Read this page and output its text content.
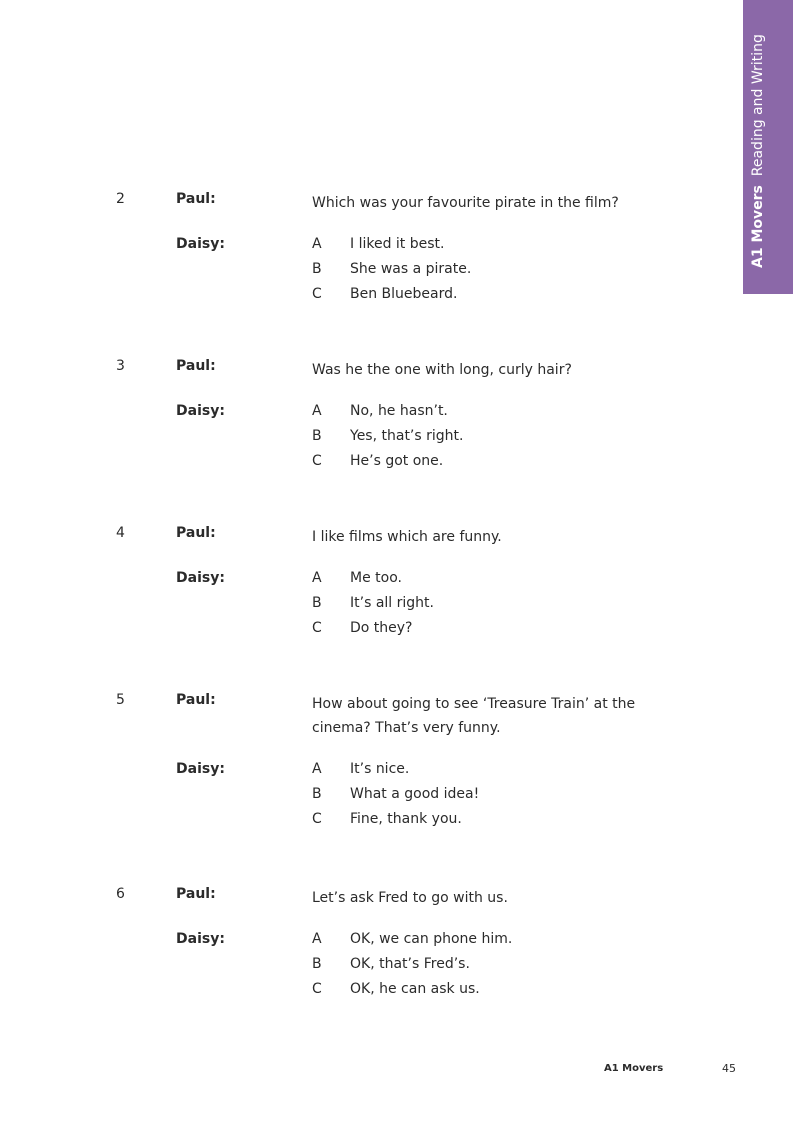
A1 Movers  Reading and Writing
2	Paul:	Which was your favourite pirate in the film?
Daisy:	A	I liked it best.
B	She was a pirate.
C	Ben Bluebeard.
3	Paul:	Was he the one with long, curly hair?
Daisy:	A	No, he hasn’t.
B	Yes, that’s right.
C	He’s got one.
4	Paul:	I like films which are funny.
Daisy:	A	Me too.
B	It’s all right.
C	Do they?
5	Paul:	How about going to see ‘Treasure Train’ at the cinema? That’s very funny.
Daisy:	A	It’s nice.
B	What a good idea!
C	Fine, thank you.
6	Paul:	Let’s ask Fred to go with us.
Daisy:	A	OK, we can phone him.
B	OK, that’s Fred’s.
C	OK, he can ask us.
A1 Movers	45
